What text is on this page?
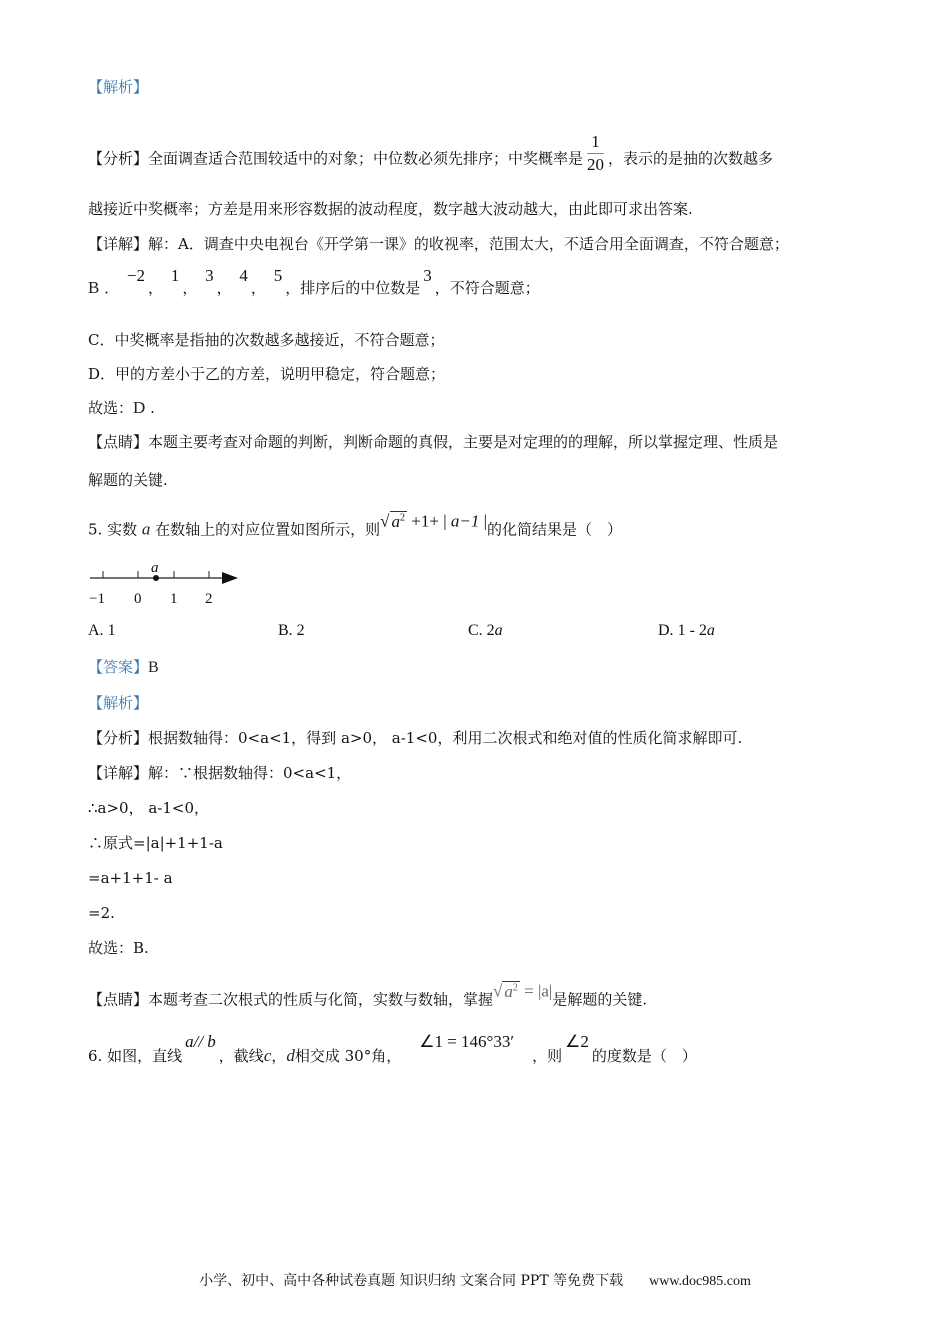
【解析】
【分析】全面调查适合范围较适中的对象；中位数必须先排序；中奖概率是 $\frac{1}{20}$ ，表示的是抽的次数越多
越接近中奖概率；方差是用来形容数据的波动程度，数字越大波动越大，由此即可求出答案.
【详解】解：A．调查中央电视台《开学第一课》的收视率，范围太大，不适合用全面调查，不符合题意；
B ． −2， 1， 3， 4， 5，排序后的中位数是3，不符合题意；
C．中奖概率是指抽的次数越多越接近，不符合题意；
D．甲的方差小于乙的方差，说明甲稳定，符合题意；
故选：D .
【点睛】本题主要考查对命题的判断，判断命题的真假，主要是对定理的的理解，所以掌握定理、性质是
解题的关键.
5. 实数 a 在数轴上的对应位置如图所示，则√ $a^2 +1+$ | a−1 |的化简结果是（　）
a
−1 0 1 2
A. 1	B. 2	C. 2a	D. 1 - 2a
【答案】B
【解析】
【分析】根据数轴得：0<a<1，得到 a>0， a-1<0，利用二次根式和绝对值的性质化简求解即可.
【详解】解：∵根据数轴得：0<a<1，
∴a>0， a-1<0，
∴原式=|a|+1+1-a
=a+1+1- a
=2.
故选：B.
【点睛】本题考查二次根式的性质与化简，实数与数轴，掌握√ $a^2 = |a|$是解题的关键.
6. 如图，直线a// b，截线c，d相交成 30°角，∠1 = 146°33′，则∠2的度数是（　）
小学、初中、高中各种试卷真题 知识归纳 文案合同 PPT 等免费下载 www.doc985.com
